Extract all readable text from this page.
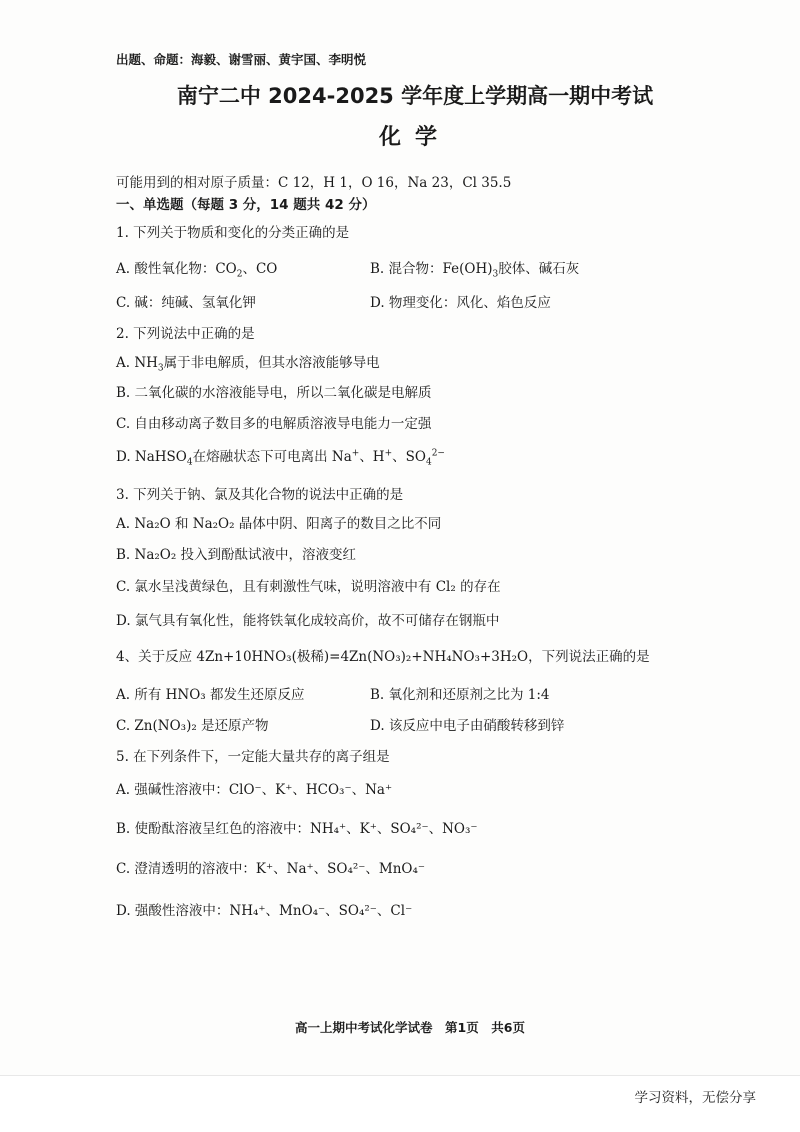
出题、命题：海毅、谢雪丽、黄宇国、李明悦
南宁二中 2024-2025 学年度上学期高一期中考试
化学
可能用到的相对原子质量：C 12，H 1，O 16，Na 23，Cl 35.5
一、单选题（每题 3 分，14 题共 42 分）
1. 下列关于物质和变化的分类正确的是
A. 酸性氧化物：$CO_2$、CO	B. 混合物：$Fe(OH)_3$胶体、碱石灰
C. 碱：纯碱、氢氧化钾	D. 物理变化：风化、焰色反应
2. 下列说法中正确的是
A. $NH_3$属于非电解质，但其水溶液能够导电
B. 二氧化碳的水溶液能导电，所以二氧化碳是电解质
C. 自由移动离子数目多的电解质溶液导电能力一定强
D. NaHSO$_4$在熔融状态下可电离出 Na+、H+、$SO_4^{2-}$
3. 下列关于钠、氯及其化合物的说法中正确的是
A. Na₂O 和 Na₂O₂ 晶体中阴、阳离子的数目之比不同
B. Na₂O₂ 投入到酚酞试液中，溶液变红
C. 氯水呈浅黄绿色，且有刺激性气味，说明溶液中有 Cl₂ 的存在
D. 氯气具有氧化性，能将铁氧化成较高价，故不可储存在钢瓶中
4、关于反应 4Zn+10HNO₃(极稀)=4Zn(NO₃)₂+NH₄NO₃+3H₂O，下列说法正确的是
A. 所有 HNO₃ 都发生还原反应	B. 氧化剂和还原剂之比为 1:4
C. Zn(NO₃)₂ 是还原产物	D. 该反应中电子由硝酸转移到锌
5. 在下列条件下，一定能大量共存的离子组是
A. 强碱性溶液中：ClO⁻、K⁺、HCO₃⁻、Na⁺
B. 使酚酞溶液呈红色的溶液中：NH₄⁺、K⁺、SO₄²⁻、NO₃⁻
C. 澄清透明的溶液中：K⁺、Na⁺、SO₄²⁻、MnO₄⁻
D. 强酸性溶液中：NH₄⁺、MnO₄⁻、SO₄²⁻、Cl⁻
高一上期中考试化学试卷　第1页　共6页
学习资料，无偿分享
